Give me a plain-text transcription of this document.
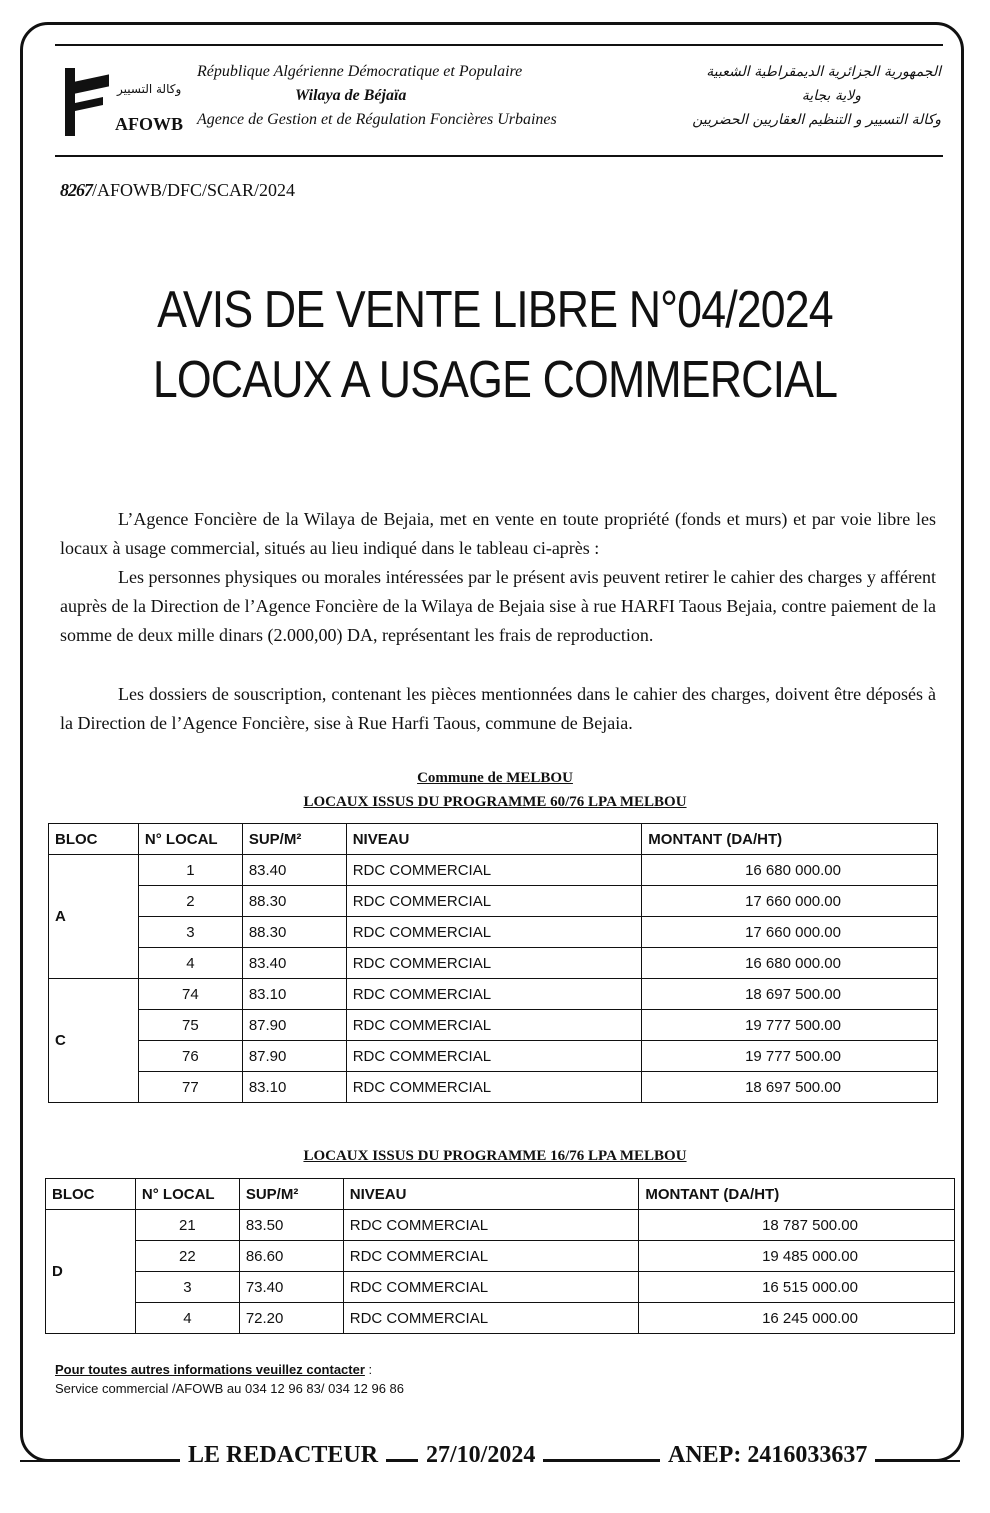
وكالة التسيير
AFOWB
République Algérienne Démocratique et Populaire
Wilaya de Béjaïa
Agence de Gestion et de Régulation Foncières Urbaines
الجمهورية الجزائرية الديمقراطية الشعبية
ولاية بجاية
وكالة التسيير و التنظيم العقاريين الحضريين
8267/AFOWB/DFC/SCAR/2024
AVIS DE VENTE LIBRE N°04/2024
LOCAUX A USAGE COMMERCIAL
L’Agence Foncière de la Wilaya de Bejaia, met en vente en toute propriété (fonds et murs) et par voie libre les locaux à usage commercial, situés au lieu indiqué dans le tableau ci-après :
Les personnes physiques ou morales intéressées par le présent avis peuvent retirer le cahier des charges y afférent auprès de la Direction de l’Agence Foncière de la Wilaya de Bejaia sise à rue HARFI Taous Bejaia, contre paiement de la somme de deux mille dinars (2.000,00) DA, représentant les frais de reproduction.
Les dossiers de souscription, contenant les pièces mentionnées dans le cahier des charges, doivent être déposés à la Direction de l’Agence Foncière, sise à Rue Harfi Taous, commune de Bejaia.
Commune de MELBOU
LOCAUX ISSUS DU PROGRAMME 60/76 LPA MELBOU
BLOC	N° LOCAL	SUP/M²	NIVEAU	MONTANT (DA/HT)
A	1	83.40	RDC COMMERCIAL	16 680 000.00
	2	88.30	RDC COMMERCIAL	17 660 000.00
	3	88.30	RDC COMMERCIAL	17 660 000.00
	4	83.40	RDC COMMERCIAL	16 680 000.00
C	74	83.10	RDC COMMERCIAL	18 697 500.00
	75	87.90	RDC COMMERCIAL	19 777 500.00
	76	87.90	RDC COMMERCIAL	19 777 500.00
	77	83.10	RDC COMMERCIAL	18 697 500.00
LOCAUX ISSUS DU PROGRAMME 16/76 LPA MELBOU
BLOC	N° LOCAL	SUP/M²	NIVEAU	MONTANT (DA/HT)
D	21	83.50	RDC COMMERCIAL	18 787 500.00
	22	86.60	RDC COMMERCIAL	19 485 000.00
	3	73.40	RDC COMMERCIAL	16 515 000.00
	4	72.20	RDC COMMERCIAL	16 245 000.00
Pour toutes autres informations veuillez contacter :
Service commercial /AFOWB au 034 12 96 83/ 034 12 96 86
LE REDACTEUR	27/10/2024	ANEP: 2416033637
